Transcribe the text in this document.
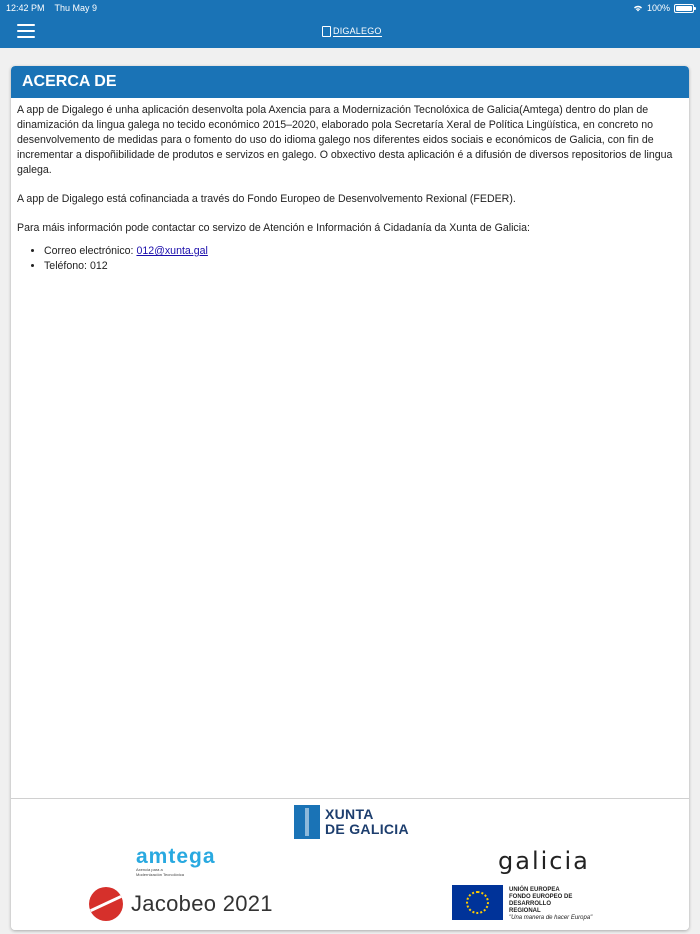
12:42 PM Thu May 9	100%
DIGALEGO
ACERCA DE

A app de Digalego é unha aplicación desenvolta pola Axencia para a Modernización Tecnolóxica de Galicia(Amtega) dentro do plan de dinamización da lingua galega no tecido económico 2015–2020, elaborado pola Secretaría Xeral de Política Lingüística, en concreto no desenvolvemento de medidas para o fomento do uso do idioma galego nos diferentes eidos sociais e económicos de Galicia, con fin de incrementar a dispoñibilidade de produtos e servizos en galego. O obxectivo desta aplicación é a difusión de diversos repositorios de lingua galega.

A app de Digalego está cofinanciada a través do Fondo Europeo de Desenvolvemento Rexional (FEDER).

Para máis información pode contactar co servizo de Atención e Información á Cidadanía da Xunta de Galicia:

• Correo electrónico: 012@xunta.gal
• Teléfono: 012
XUNTA
DE GALICIA
amtega
Axencia para a
Modernización Tecnolóxica	galicia
Jacobeo 2021
UNIÓN EUROPEA
FONDO EUROPEO DE
DESARROLLO
REGIONAL
"Una manera de hacer Europa"
